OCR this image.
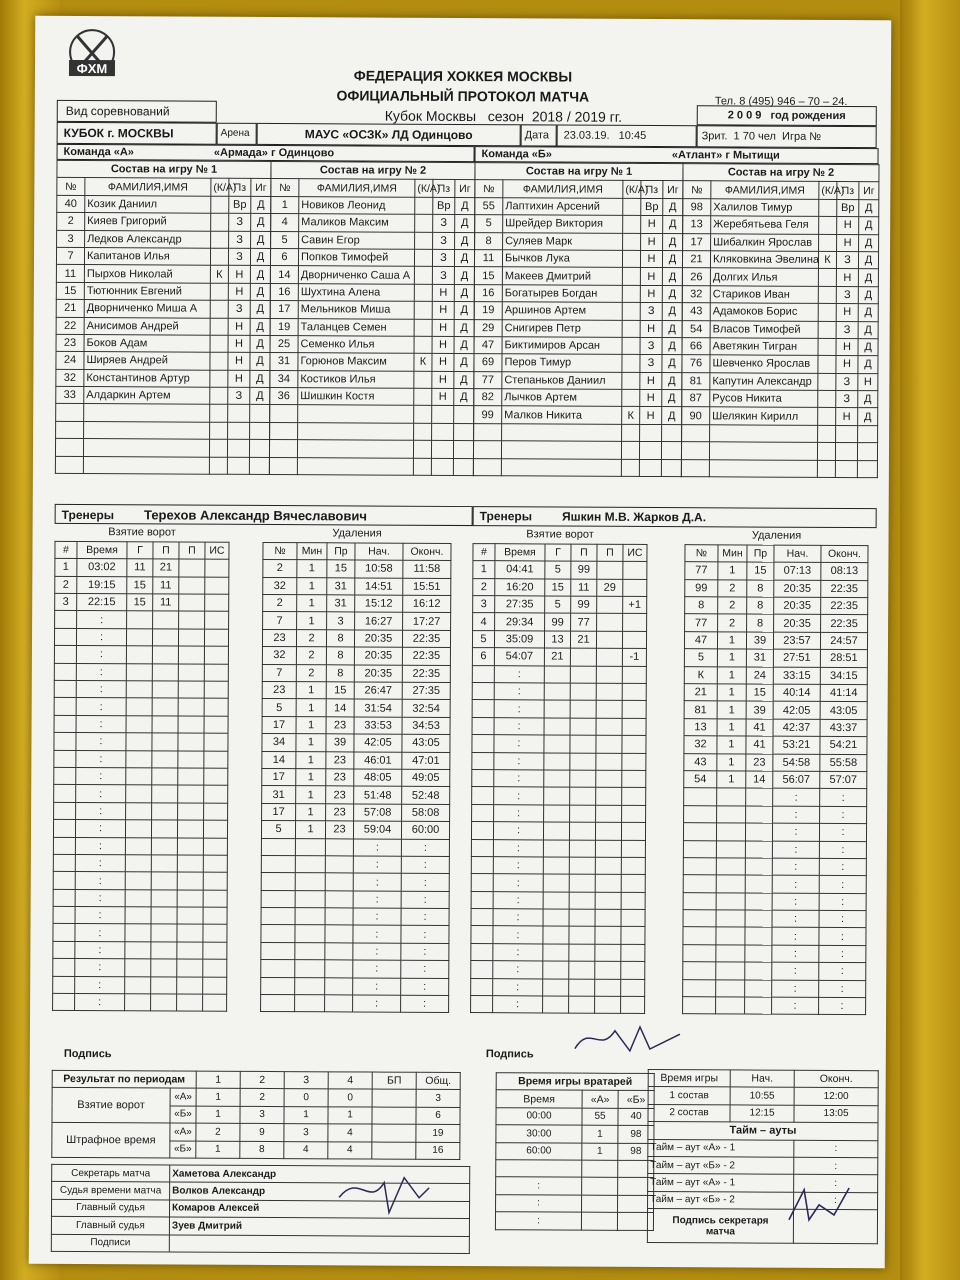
ФХМ	ФЕДЕРАЦИЯ ХОККЕЯ МОСКВЫ
ОФИЦИАЛЬНЫЙ ПРОТОКОЛ МАТЧА
Кубок Москвы сезон 2018 / 2019 гг.
Тел. 8 (495) 946 – 70 – 24.
Вид соревнований
КУБОК г. МОСКВЫ	Арена	МАУС «ОСЗК» ЛД Одинцово	Дата	23.03.19. 10:45
2 0 0 9 год рождения
Зрит. 1 70 чел Игра №
Команда «А»	«Армада» г Одинцово	Команда «Б»	«Атлант» г Мытищи
Состав на игру № 1				
№	ФАМИЛИЯ,ИМЯ	(К/А)	Пз	Иг
40	Козик Даниил		Вр	Д
2	Кияев Григорий		З	Д
3	Ледков Александр		З	Д
7	Капитанов Илья		З	Д
11	Пырхов Николай	К	Н	Д
15	Тютюнник Евгений		Н	Д
21	Дворниченко Миша А		З	Д
22	Анисимов Андрей		Н	Д
23	Боков Адам		Н	Д
24	Ширяев Андрей		Н	Д
32	Константинов Артур		Н	Д
33	Алдаркин Артем		З	Д

Состав на игру № 2				
№	ФАМИЛИЯ,ИМЯ	(К/А)	Пз	Иг
1	Новиков Леонид		Вр	Д
4	Маликов Максим		З	Д
5	Савин Егор		З	Д
6	Попков Тимофей		З	Д
14	Дворниченко Саша А		З	Д
16	Шухтина Алена		Н	Д
17	Мельников Миша		Н	Д
19	Таланцев Семен		Н	Д
25	Семенко Илья		Н	Д
31	Горюнов Максим	К	Н	Д
34	Костиков Илья		Н	Д
36	Шишкин Костя		Н	Д

Состав на игру № 1				
№	ФАМИЛИЯ,ИМЯ	(К/А)	Пз	Иг
55	Лаптихин Арсений		Вр	Д
5	Шрейдер Виктория		Н	Д
8	Суляев Марк		Н	Д
11	Бычков Лука		Н	Д
15	Макеев Дмитрий		Н	Д
16	Богатырев Богдан		Н	Д
19	Аршинов Артем		З	Д
29	Снигирев Петр		Н	Д
47	Биктимиров Арсан		З	Д
69	Перов Тимур		З	Д
77	Степаньков Даниил		Н	Д
82	Лычков Артем		Н	Д
99	Малков Никита	К	Н	Д

Состав на игру № 2				
№	ФАМИЛИЯ,ИМЯ	(К/А)	Пз	Иг
98	Халилов Тимур		Вр	Д
13	Жеребятьева Геля		Н	Д
17	Шибалкин Ярослав		Н	Д
21	Кляковкина Эвелина	К	З	Д
26	Долгих Илья		Н	Д
32	Стариков Иван		З	Д
43	Адамоков Борис		Н	Д
54	Власов Тимофей		З	Д
66	Аветякин Тигран		Н	Д
76	Шевченко Ярослав		Н	Д
81	Капутин Александр		З	Н
87	Русов Никита		З	Д
90	Шелякин Кирилл		Н	Д

Тренеры Терехов Александр Вячеславович	Тренеры Яшкин М.В. Жарков Д.А.
Взятие ворот					
#	Время	Г	П	П	ИС
1	03:02	11	21		
2	19:15	15	11		
3	22:15	15	11		
	:				
	:				
	:				
	:				
	:				
	:				
	:				
	:				
	:				
	:				
	:				
	:				
	:				
	:				
	:				
	:				
	:				
	:				
	:				
	:				
	:				
	:				
	:				
Удаления				
№	Мин	Пр	Нач.	Оконч.
2	1	15	10:58	11:58
32	1	31	14:51	15:51
2	1	31	15:12	16:12
7	1	3	16:27	17:27
23	2	8	20:35	22:35
32	2	8	20:35	22:35
7	2	8	20:35	22:35
23	1	15	26:47	27:35
5	1	14	31:54	32:54
17	1	23	33:53	34:53
34	1	39	42:05	43:05
14	1	23	46:01	47:01
17	1	23	48:05	49:05
31	1	23	51:48	52:48
17	1	23	57:08	58:08
5	1	23	59:04	60:00
			:	:
			:	:
			:	:
			:	:
			:	:
			:	:
			:	:
			:	:
			:	:
			:	:
Взятие ворот					
#	Время	Г	П	П	ИС
1	04:41	5	99		
2	16:20	15	11	29	
3	27:35	5	99		+1
4	29:34	99	77		
5	35:09	13	21		
6	54:07	21			-1
	:				
	:				
	:				
	:				
	:				
	:				
	:				
	:				
	:				
	:				
	:				
	:				
	:				
	:				
	:				
	:				
	:				
	:				
	:				
	:				
Удаления				
№	Мин	Пр	Нач.	Оконч.
77	1	15	07:13	08:13
99	2	8	20:35	22:35
8	2	8	20:35	22:35
77	2	8	20:35	22:35
47	1	39	23:57	24:57
5	1	31	27:51	28:51
К	1	24	33:15	34:15
21	1	15	40:14	41:14
81	1	39	42:05	43:05
13	1	41	42:37	43:37
32	1	41	53:21	54:21
43	1	23	54:58	55:58
54	1	14	56:07	57:07
			:	:
			:	:
			:	:
			:	:
			:	:
			:	:
			:	:
			:	:
			:	:
			:	:
			:	:
			:	:
			:	:
Подпись	Подпись
Результат по периодам		1	2	3	4	БП	Общ.
Взятие ворот	«А»	1	2	0	0		3
	«Б»	1	3	1	1		6
Штрафное время	«А»	2	9	3	4		19
	«Б»	1	8	4	4		16
Время игры вратарей		
Время	«А»	«Б»
00:00	55	40
30:00	1	98
60:00	1	98

:		
:		
:		
Время игры	Нач.	Оконч.
1 состав	10:55	12:00
2 состав	12:15	13:05
Тайм – ауты		
Тайм – аут «А» - 1		:
Тайм – аут «Б» - 2		:
Тайм – аут «А» - 1		:
Тайм – аут «Б» - 2		:
Подпись секретаря
матча		

Секретарь матча	Хаметова Александр
Судья времени матча	Волков Александр
Главный судья	Комаров Алексей
Главный судья	Зуев Дмитрий
Подписи	
